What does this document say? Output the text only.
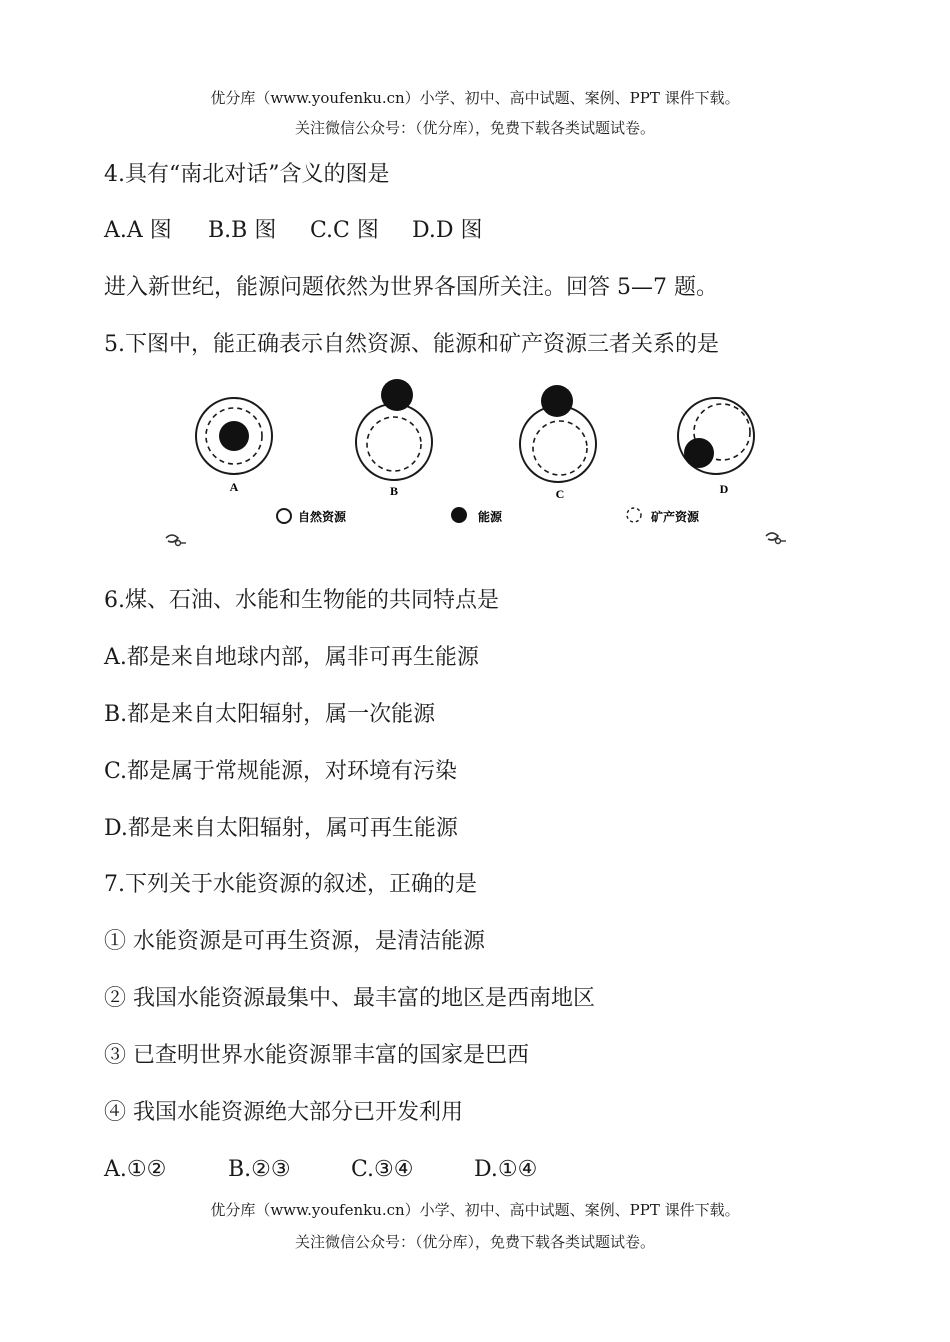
优分库（www.youfenku.cn）小学、初中、高中试题、案例、PPT 课件下载。
关注微信公众号：（优分库），免费下载各类试题试卷。
4.具有“南北对话”含义的图是
A.A 图 B.B 图 C.C 图 D.D 图
进入新世纪，能源问题依然为世界各国所关注。回答 5—7 题。
5.下图中，能正确表示自然资源、能源和矿产资源三者关系的是
A	B	C	D
自然资源	能源	矿产资源
6.煤、石油、水能和生物能的共同特点是
A.都是来自地球内部，属非可再生能源
B.都是来自太阳辐射，属一次能源
C.都是属于常规能源，对环境有污染
D.都是来自太阳辐射，属可再生能源
7.下列关于水能资源的叙述，正确的是
① 水能资源是可再生资源，是清洁能源
② 我国水能资源最集中、最丰富的地区是西南地区
③ 已查明世界水能资源罪丰富的国家是巴西
④ 我国水能资源绝大部分已开发利用
A.①②	B.②③	C.③④	D.①④
优分库（www.youfenku.cn）小学、初中、高中试题、案例、PPT 课件下载。
关注微信公众号：（优分库），免费下载各类试题试卷。
